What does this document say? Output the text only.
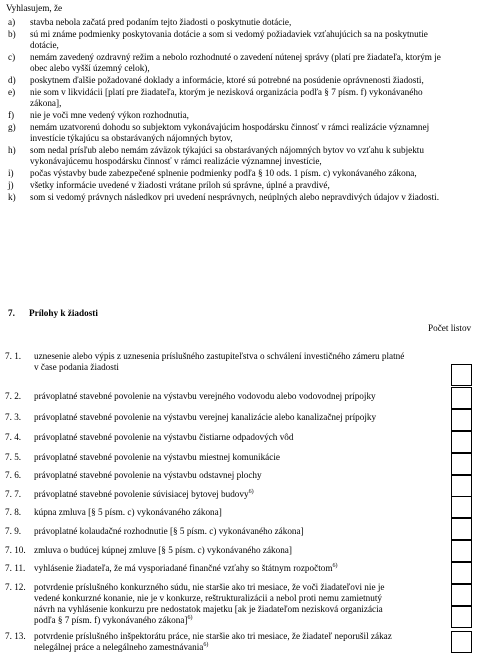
Vyhlasujem, že
a) stavba nebola začatá pred podaním tejto žiadosti o poskytnutie dotácie,
b) sú mi známe podmienky poskytovania dotácie a som si vedomý požiadaviek vzťahujúcich sa na poskytnutie
dotácie,
c) nemám zavedený ozdravný režim a nebolo rozhodnuté o zavedení nútenej správy (platí pre žiadateľa, ktorým je
obec alebo vyšší územný celok),
d) poskytnem ďalšie požadované doklady a informácie, ktoré sú potrebné na posúdenie oprávnenosti žiadosti,
e) nie som v likvidácii [platí pre žiadateľa, ktorým je nezisková organizácia podľa § 7 písm. f) vykonávaného
zákona],
f) nie je voči mne vedený výkon rozhodnutia,
g) nemám uzatvorenú dohodu so subjektom vykonávajúcim hospodársku činnosť v rámci realizácie významnej
investície týkajúcu sa obstarávaných nájomných bytov,
h) som nedal prísľub alebo nemám záväzok týkajúci sa obstarávaných nájomných bytov vo vzťahu k subjektu
vykonávajúcemu hospodársku činnosť v rámci realizácie významnej investície,
i) počas výstavby bude zabezpečené splnenie podmienky podľa § 10 ods. 1 písm. c) vykonávaného zákona,
j) všetky informácie uvedené v žiadosti vrátane príloh sú správne, úplné a pravdivé,
k) som si vedomý právnych následkov pri uvedení nesprávnych, neúplných alebo nepravdivých údajov v žiadosti.
7. Prílohy k žiadosti
Počet listov
7. 1. uznesenie alebo výpis z uznesenia príslušného zastupiteľstva o schválení investičného zámeru platné
v čase podania žiadosti
7. 2. právoplatné stavebné povolenie na výstavbu verejného vodovodu alebo vodovodnej prípojky
7. 3. právoplatné stavebné povolenie na výstavbu verejnej kanalizácie alebo kanalizačnej prípojky
7. 4. právoplatné stavebné povolenie na výstavbu čistiarne odpadových vôd
7. 5. právoplatné stavebné povolenie na výstavbu miestnej komunikácie
7. 6. právoplatné stavebné povolenie na výstavbu odstavnej plochy
7. 7. právoplatné stavebné povolenie súvisiacej bytovej budovy$^{6)}$
7. 8. kúpna zmluva [§ 5 písm. c) vykonávaného zákona]
7. 9. právoplatné kolaudačné rozhodnutie [§ 5 písm. c) vykonávaného zákona]
7. 10. zmluva o budúcej kúpnej zmluve [§ 5 písm. c) vykonávaného zákona]
7. 11. vyhlásenie žiadateľa, že má vysporiadané finančné vzťahy so štátnym rozpočtom$^{6)}$
7. 12. potvrdenie príslušného konkurzného súdu, nie staršie ako tri mesiace, že voči žiadateľovi nie je
vedené konkurzné konanie, nie je v konkurze, reštrukturalizácii a nebol proti nemu zamietnutý
návrh na vyhlásenie konkurzu pre nedostatok majetku [ak je žiadateľom nezisková organizácia
podľa § 7 písm. f) vykonávaného zákona]$^{6)}$
7. 13. potvrdenie príslušného inšpektorátu práce, nie staršie ako tri mesiace, že žiadateľ neporušil zákaz
nelegálnej práce a nelegálneho zamestnávania$^{6)}$
